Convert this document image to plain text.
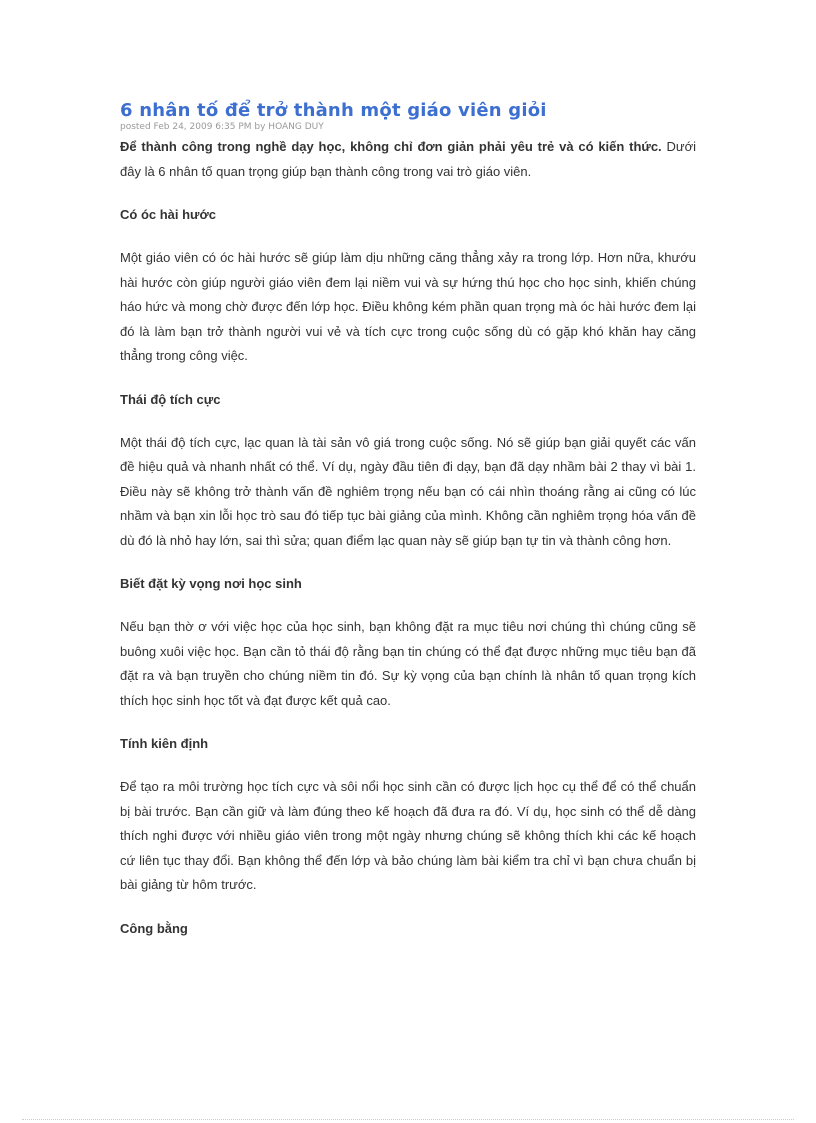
6 nhân tố để trở thành một giáo viên giỏi
posted Feb 24, 2009 6:35 PM by HOANG DUY

Để thành công trong nghề dạy học, không chỉ đơn giản phải yêu trẻ và có kiến thức. Dưới đây là 6 nhân tố quan trọng giúp bạn thành công trong vai trò giáo viên.

Có óc hài hước

Một giáo viên có óc hài hước sẽ giúp làm dịu những căng thẳng xảy ra trong lớp. Hơn nữa, khướu hài hước còn giúp người giáo viên đem lại niềm vui và sự hứng thú học cho học sinh, khiến chúng háo hức và mong chờ được đến lớp học. Điều không kém phần quan trọng mà óc hài hước đem lại đó là làm bạn trở thành người vui vẻ và tích cực trong cuộc sống dù có gặp khó khăn hay căng thẳng trong công việc.

Thái độ tích cực

Một thái độ tích cực, lạc quan là tài sản vô giá trong cuộc sống. Nó sẽ giúp bạn giải quyết các vấn đề hiệu quả và nhanh nhất có thể. Ví dụ, ngày đầu tiên đi dạy, bạn đã dạy nhầm bài 2 thay vì bài 1. Điều này sẽ không trở thành vấn đề nghiêm trọng nếu bạn có cái nhìn thoáng rằng ai cũng có lúc nhầm và bạn xin lỗi học trò sau đó tiếp tục bài giảng của mình. Không cần nghiêm trọng hóa vấn đề dù đó là nhỏ hay lớn, sai thì sửa; quan điểm lạc quan này sẽ giúp bạn tự tin và thành công hơn.

Biết đặt kỳ vọng nơi học sinh

Nếu bạn thờ ơ với việc học của học sinh, bạn không đặt ra mục tiêu nơi chúng thì chúng cũng sẽ buông xuôi việc học. Bạn cần tỏ thái độ rằng bạn tin chúng có thể đạt được những mục tiêu bạn đã đặt ra và bạn truyền cho chúng niềm tin đó. Sự kỳ vọng của bạn chính là nhân tố quan trọng kích thích học sinh học tốt và đạt được kết quả cao.

Tính kiên định

Để tạo ra môi trường học tích cực và sôi nổi học sinh cần có được lịch học cụ thể để có thể chuẩn bị bài trước. Bạn cần giữ và làm đúng theo kế hoạch đã đưa ra đó. Ví dụ, học sinh có thể dễ dàng thích nghi được với nhiều giáo viên trong một ngày nhưng chúng sẽ không thích khi các kế hoạch cứ liên tục thay đổi. Bạn không thể đến lớp và bảo chúng làm bài kiểm tra chỉ vì bạn chưa chuẩn bị bài giảng từ hôm trước.

Công bằng
